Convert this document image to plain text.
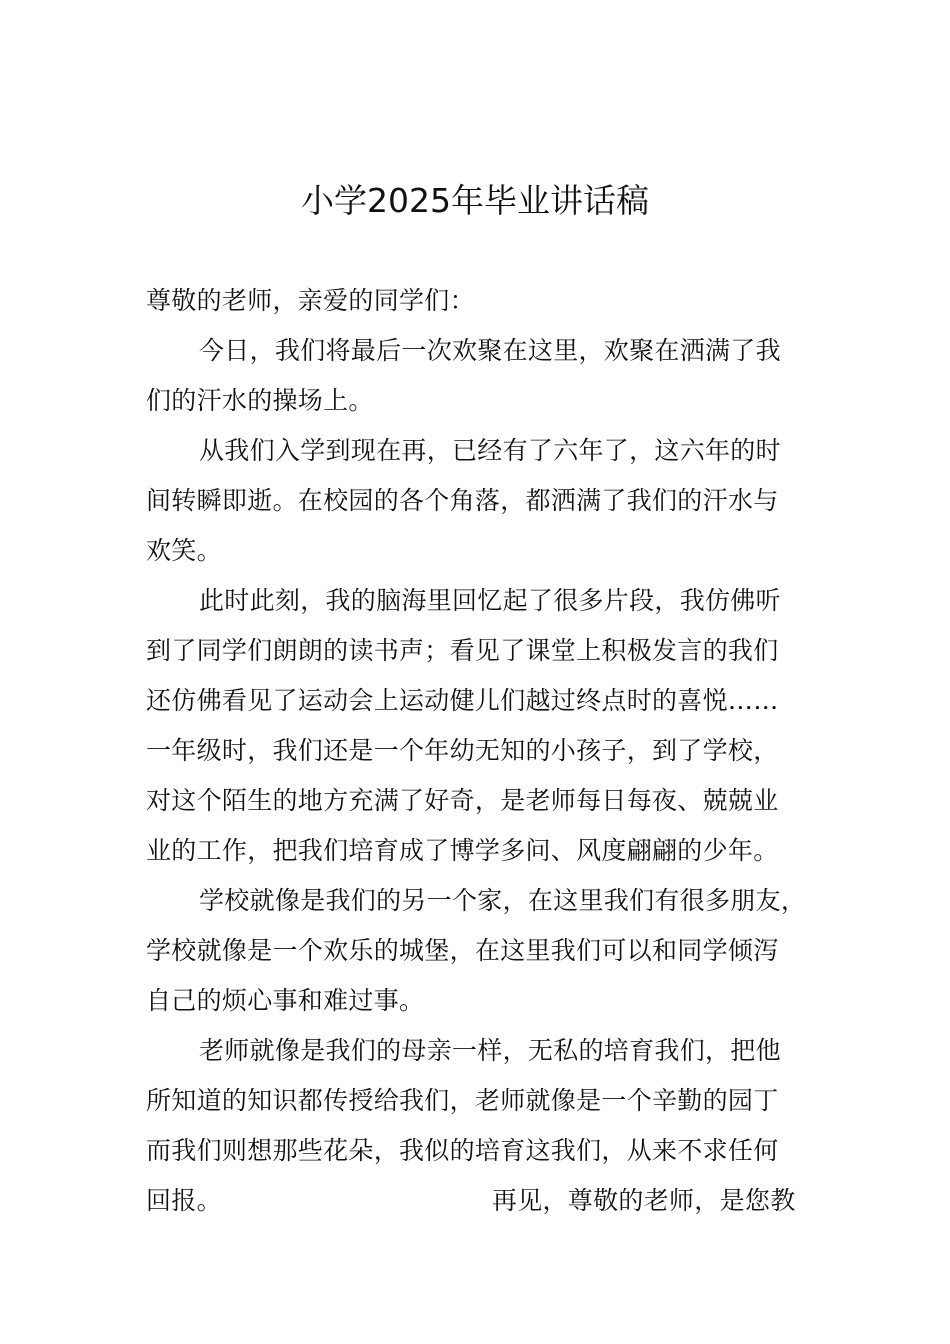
小学2025年毕业讲话稿
尊敬的老师，亲爱的同学们：
今日，我们将最后一次欢聚在这里，欢聚在洒满了我
们的汗水的操场上。
从我们入学到现在再，已经有了六年了，这六年的时
间转瞬即逝。在校园的各个角落，都洒满了我们的汗水与
欢笑。
此时此刻，我的脑海里回忆起了很多片段，我仿佛听
到了同学们朗朗的读书声；看见了课堂上积极发言的我们
还仿佛看见了运动会上运动健儿们越过终点时的喜悦……
一年级时，我们还是一个年幼无知的小孩子，到了学校，
对这个陌生的地方充满了好奇，是老师每日每夜、兢兢业
业的工作，把我们培育成了博学多问、风度翩翩的少年。
学校就像是我们的另一个家，在这里我们有很多朋友，
学校就像是一个欢乐的城堡，在这里我们可以和同学倾泻
自己的烦心事和难过事。
老师就像是我们的母亲一样，无私的培育我们，把他
所知道的知识都传授给我们，老师就像是一个辛勤的园丁
而我们则想那些花朵，我似的培育这我们，从来不求任何
回报。	再见，尊敬的老师，是您教
